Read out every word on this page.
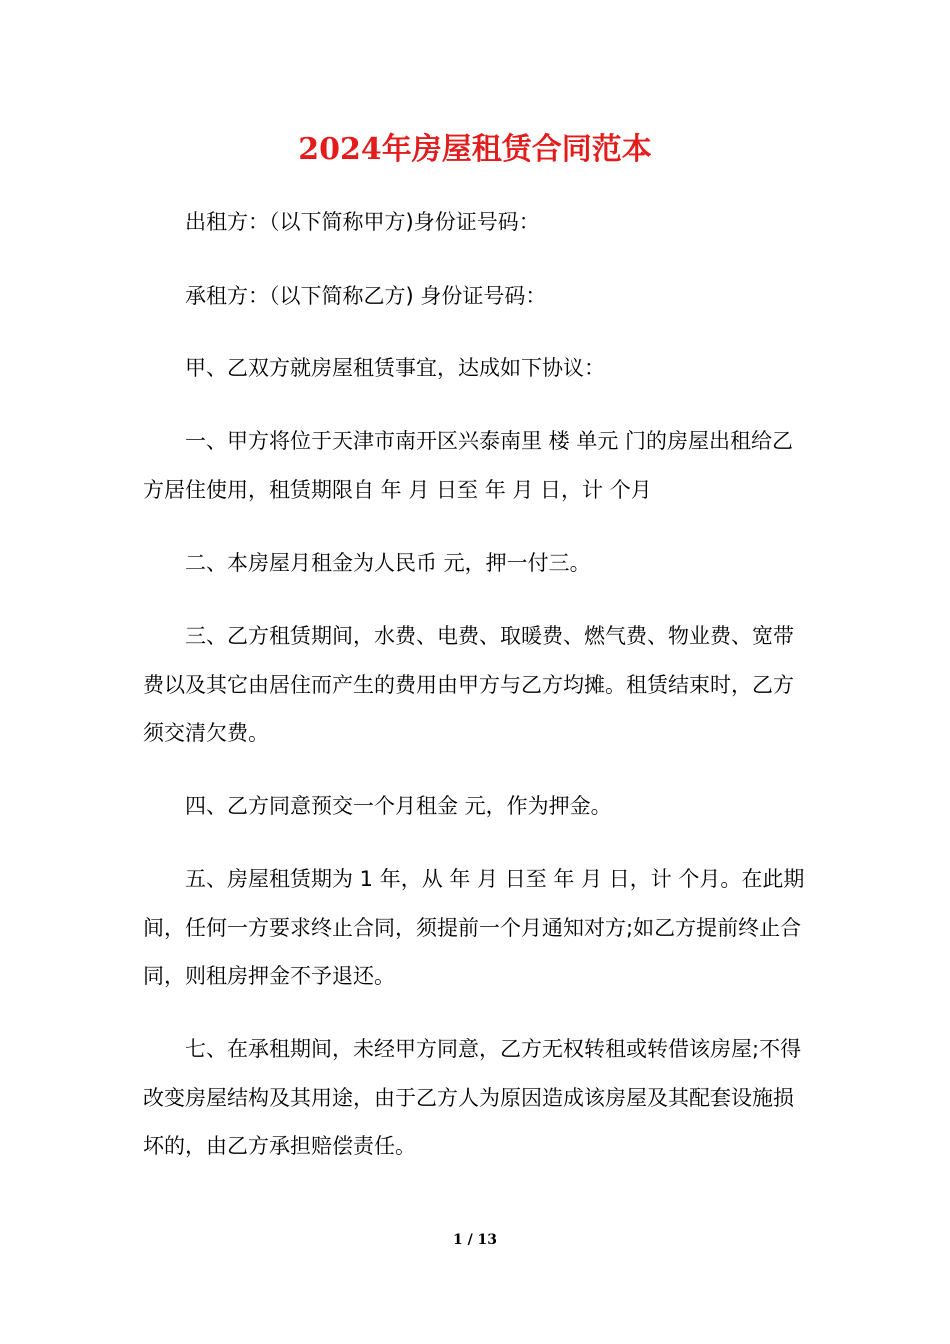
2024年房屋租赁合同范本

出租方：（以下简称甲方)身份证号码：

承租方：（以下简称乙方) 身份证号码：

甲、乙双方就房屋租赁事宜，达成如下协议：

一、甲方将位于天津市南开区兴泰南里 楼 单元 门的房屋出租给乙方居住使用，租赁期限自 年 月 日至 年 月 日，计 个月

二、本房屋月租金为人民币 元，押一付三。

三、乙方租赁期间，水费、电费、取暖费、燃气费、物业费、宽带费以及其它由居住而产生的费用由甲方与乙方均摊。租赁结束时，乙方须交清欠费。

四、乙方同意预交一个月租金 元，作为押金。

五、房屋租赁期为 1 年，从 年 月 日至 年 月 日，计 个月。在此期间，任何一方要求终止合同，须提前一个月通知对方;如乙方提前终止合同，则租房押金不予退还。

七、在承租期间，未经甲方同意，乙方无权转租或转借该房屋;不得改变房屋结构及其用途，由于乙方人为原因造成该房屋及其配套设施损坏的，由乙方承担赔偿责任。

1 / 13
